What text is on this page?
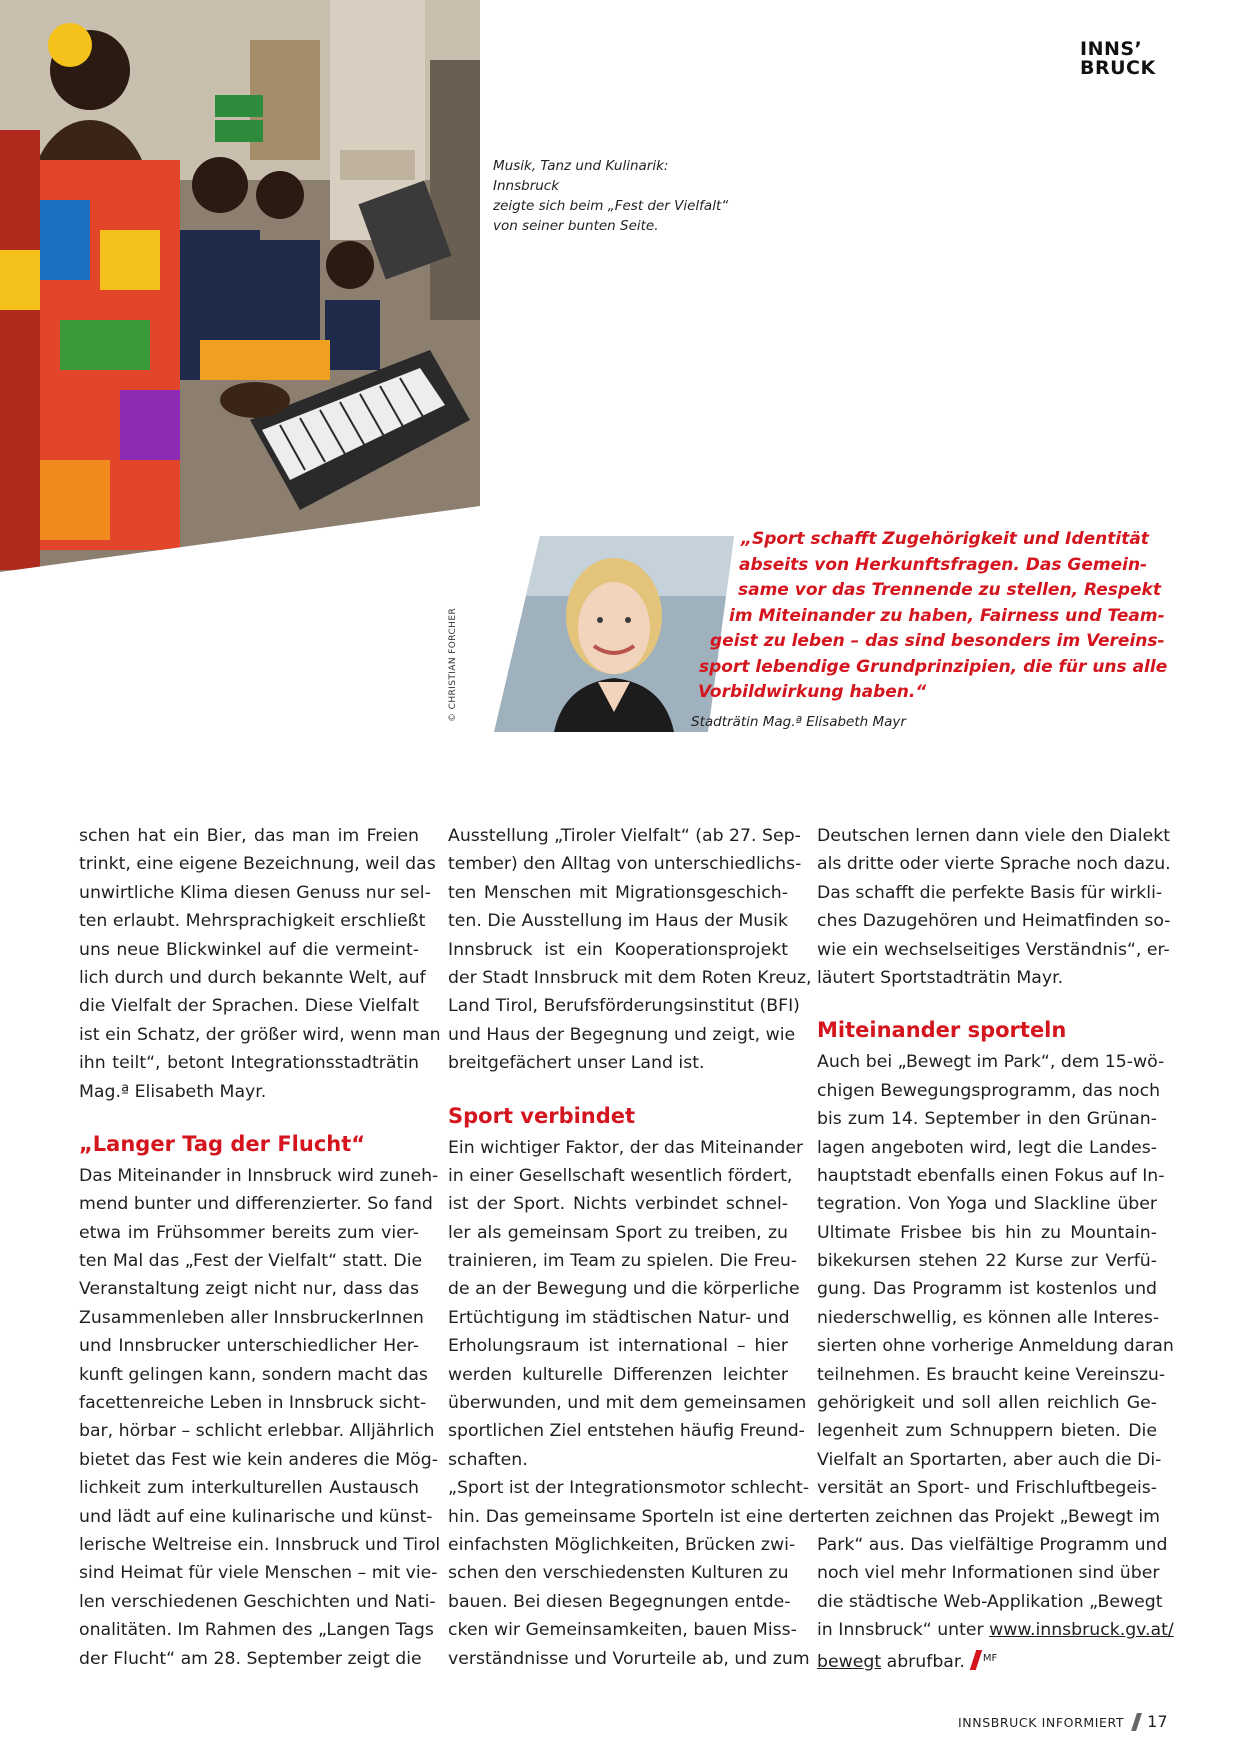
INNS’
BRUCK
Musik, Tanz und Kulinarik: Innsbruck
zeigte sich beim „Fest der Vielfalt“
von seiner bunten Seite.
© CHRISTIAN FORCHER
„Sport schafft Zugehörigkeit und Identität
abseits von Herkunftsfragen. Das Gemein-
same vor das Trennende zu stellen, Respekt
im Miteinander zu haben, Fairness und Team-
geist zu leben – das sind besonders im Vereins-
sport lebendige Grundprinzipien, die für uns alle
Vorbildwirkung haben.“
Stadträtin Mag.ª Elisabeth Mayr
schen hat ein Bier, das man im Freien
trinkt, eine eigene Bezeichnung, weil das
unwirtliche Klima diesen Genuss nur sel-
ten erlaubt. Mehrsprachigkeit erschließt
uns neue Blickwinkel auf die vermeint-
lich durch und durch bekannte Welt, auf
die Vielfalt der Sprachen. Diese Vielfalt
ist ein Schatz, der größer wird, wenn man
ihn teilt“, betont Integrationsstadträtin
Mag.ª Elisabeth Mayr.
„Langer Tag der Flucht“
Das Miteinander in Innsbruck wird zuneh-
mend bunter und differenzierter. So fand
etwa im Frühsommer bereits zum vier-
ten Mal das „Fest der Vielfalt“ statt. Die
Veranstaltung zeigt nicht nur, dass das
Zusammenleben aller InnsbruckerInnen
und Innsbrucker unterschiedlicher Her-
kunft gelingen kann, sondern macht das
facettenreiche Leben in Innsbruck sicht-
bar, hörbar – schlicht erlebbar. Alljährlich
bietet das Fest wie kein anderes die Mög-
lichkeit zum interkulturellen Austausch
und lädt auf eine kulinarische und künst-
lerische Weltreise ein. Innsbruck und Tirol
sind Heimat für viele Menschen – mit vie-
len verschiedenen Geschichten und Nati-
onalitäten. Im Rahmen des „Langen Tags
der Flucht“ am 28. September zeigt die
Ausstellung „Tiroler Vielfalt“ (ab 27. Sep-
tember) den Alltag von unterschiedlichs-
ten Menschen mit Migrationsgeschich-
ten. Die Ausstellung im Haus der Musik
Innsbruck ist ein Kooperationsprojekt
der Stadt Innsbruck mit dem Roten Kreuz,
Land Tirol, Berufsförderungsinstitut (BFI)
und Haus der Begegnung und zeigt, wie
breitgefächert unser Land ist.
Sport verbindet
Ein wichtiger Faktor, der das Miteinander
in einer Gesellschaft wesentlich fördert,
ist der Sport. Nichts verbindet schnel-
ler als gemeinsam Sport zu treiben, zu
trainieren, im Team zu spielen. Die Freu-
de an der Bewegung und die körperliche
Ertüchtigung im städtischen Natur- und
Erholungsraum ist international – hier
werden kulturelle Differenzen leichter
überwunden, und mit dem gemeinsamen
sportlichen Ziel entstehen häufig Freund-
schaften.
„Sport ist der Integrationsmotor schlecht-
hin. Das gemeinsame Sporteln ist eine der
einfachsten Möglichkeiten, Brücken zwi-
schen den verschiedensten Kulturen zu
bauen. Bei diesen Begegnungen entde-
cken wir Gemeinsamkeiten, bauen Miss-
verständnisse und Vorurteile ab, und zum
Deutschen lernen dann viele den Dialekt
als dritte oder vierte Sprache noch dazu.
Das schafft die perfekte Basis für wirkli-
ches Dazugehören und Heimatfinden so-
wie ein wechselseitiges Verständnis“, er-
läutert Sportstadträtin Mayr.
Miteinander sporteln
Auch bei „Bewegt im Park“, dem 15-wö-
chigen Bewegungsprogramm, das noch
bis zum 14. September in den Grünan-
lagen angeboten wird, legt die Landes-
hauptstadt ebenfalls einen Fokus auf In-
tegration. Von Yoga und Slackline über
Ultimate Frisbee bis hin zu Mountain-
bikekursen stehen 22 Kurse zur Verfü-
gung. Das Programm ist kostenlos und
niederschwellig, es können alle Interes-
sierten ohne vorherige Anmeldung daran
teilnehmen. Es braucht keine Vereinszu-
gehörigkeit und soll allen reichlich Ge-
legenheit zum Schnuppern bieten. Die
Vielfalt an Sportarten, aber auch die Di-
versität an Sport- und Frischluftbegeis-
terten zeichnen das Projekt „Bewegt im
Park“ aus. Das vielfältige Programm und
noch viel mehr Informationen sind über
die städtische Web-Applikation „Bewegt
in Innsbruck“ unter www.innsbruck.gv.at/
bewegt abrufbar. $^{MF}$
INNSBRUCK INFORMIERT 17
